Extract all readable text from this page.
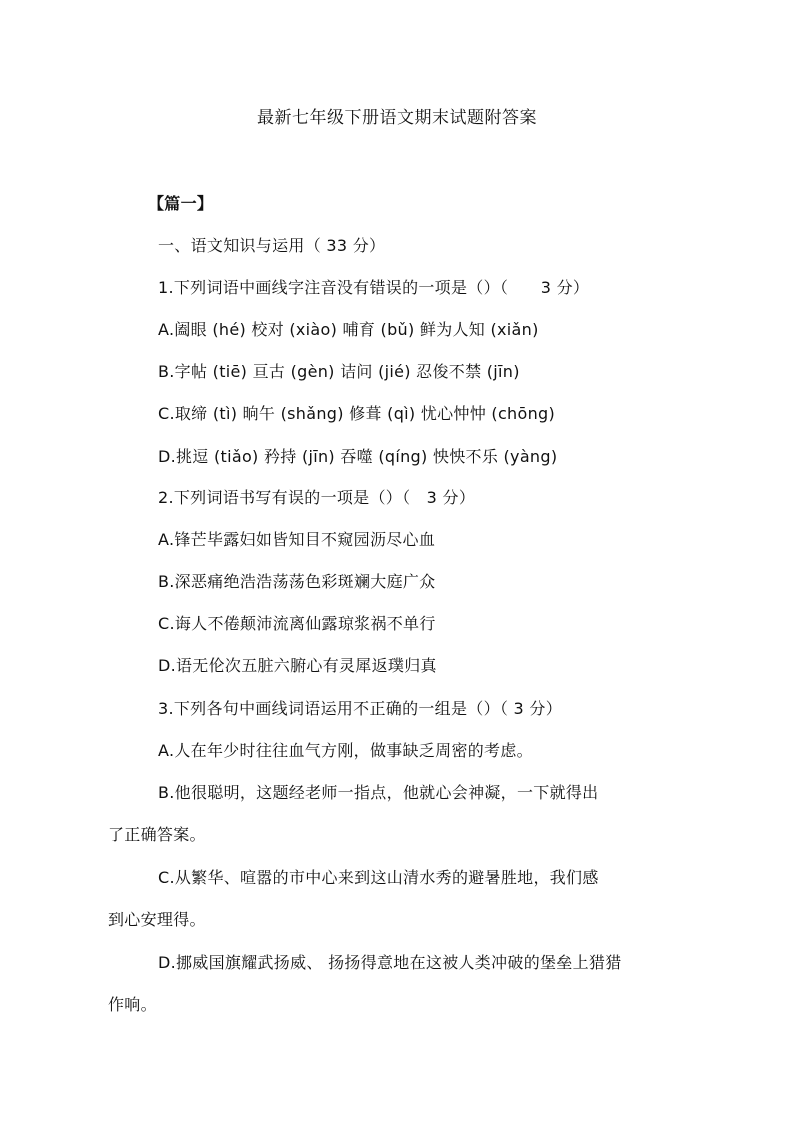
最新七年级下册语文期末试题附答案
【篇一】
一、语文知识与运用（ 33 分）
1.下列词语中画线字注音没有错误的一项是（）（　　3 分）
A.阖眼 (hé) 校对 (xiào) 哺育 (bǔ) 鲜为人知 (xiǎn)
B.字帖 (tiē) 亘古 (gèn) 诘问 (jié) 忍俊不禁 (jīn)
C.取缔 (tì) 晌午 (shǎng) 修葺 (qì) 忧心忡忡 (chōng)
D.挑逗 (tiǎo) 矜持 (jīn) 吞噬 (qíng) 怏怏不乐 (yàng)
2.下列词语书写有误的一项是（）（　3 分）
A.锋芒毕露妇如皆知目不窥园沥尽心血
B.深恶痛绝浩浩荡荡色彩斑斓大庭广众
C.诲人不倦颠沛流离仙露琼浆祸不单行
D.语无伦次五脏六腑心有灵犀返璞归真
3.下列各句中画线词语运用不正确的一组是（）（ 3 分）
A.人在年少时往往血气方刚，做事缺乏周密的考虑。
B.他很聪明，这题经老师一指点，他就心会神凝，一下就得出
了正确答案。
C.从繁华、喧嚣的市中心来到这山清水秀的避暑胜地，我们感
到心安理得。
D.挪威国旗耀武扬威、 扬扬得意地在这被人类冲破的堡垒上猎猎
作响。
